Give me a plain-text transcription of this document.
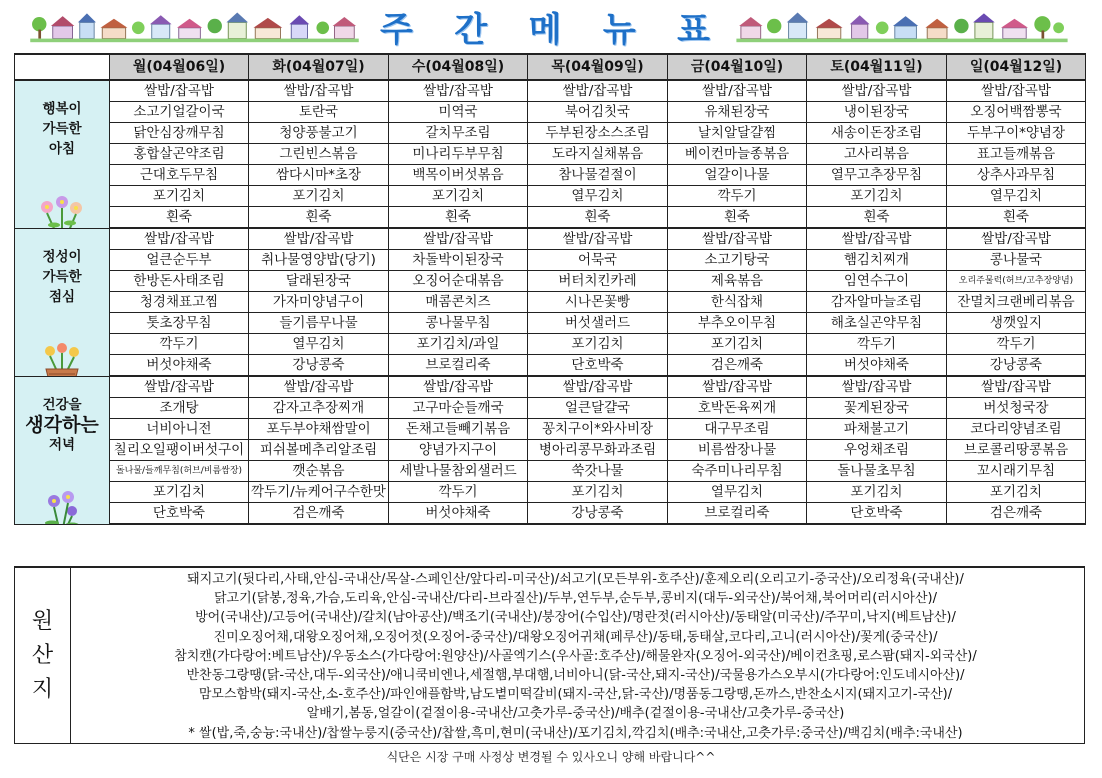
주 간 메 뉴 표
	월(04월06일)	화(04월07일)	수(04월08일)	목(04월09일)	금(04월10일)	토(04월11일)	일(04월12일)

행복이
가득한
아침	쌀밥/잡곡밥	쌀밥/잡곡밥	쌀밥/잡곡밥	쌀밥/잡곡밥	쌀밥/잡곡밥	쌀밥/잡곡밥	쌀밥/잡곡밥
	소고기얼갈이국	토란국	미역국	북어김칫국	유채된장국	냉이된장국	오징어백짬뽕국
	닭안심장깨무침	청양풍불고기	갈치무조림	두부된장소스조림	날치알달걀찜	새송이돈장조림	두부구이*양념장
	홍합살곤약조림	그린빈스볶음	미나리두부무침	도라지실채볶음	베이컨마늘종볶음	고사리볶음	표고들깨볶음
	근대호두무침	쌈다시마*초장	백목이버섯볶음	참나물겉절이	얼갈이나물	열무고추장무침	상추사과무침
	포기김치	포기김치	포기김치	열무김치	깍두기	포기김치	열무김치
	흰죽	흰죽	흰죽	흰죽	흰죽	흰죽	흰죽

정성이
가득한
점심	쌀밥/잡곡밥	쌀밥/잡곡밥	쌀밥/잡곡밥	쌀밥/잡곡밥	쌀밥/잡곡밥	쌀밥/잡곡밥	쌀밥/잡곡밥
	얼큰순두부	취나물영양밥(당기)	차돌박이된장국	어묵국	소고기탕국	햄김치찌개	콩나물국
	한방돈사태조림	달래된장국	오징어순대볶음	버터치킨카레	제육볶음	임연수구이	오리주물럭(허브/고추장양념)
	청경채표고찜	가자미양념구이	매콤콘치즈	시나몬꽃빵	한식잡채	감자알마늘조림	잔멸치크랜베리볶음
	톳초장무침	들기름무나물	콩나물무침	버섯샐러드	부추오이무침	해초실곤약무침	생깻잎지
	깍두기	열무김치	포기김치/과일	포기김치	포기김치	깍두기	깍두기
	버섯야채죽	강낭콩죽	브로컬리죽	단호박죽	검은깨죽	버섯야채죽	강낭콩죽

건강을
생각하는
저녁	쌀밥/잡곡밥	쌀밥/잡곡밥	쌀밥/잡곡밥	쌀밥/잡곡밥	쌀밥/잡곡밥	쌀밥/잡곡밥	쌀밥/잡곡밥
	조개탕	감자고추장찌개	고구마순들깨국	얼큰달걀국	호박돈육찌개	꽃게된장국	버섯청국장
	너비아니전	포두부야채쌈말이	돈채고들빼기볶음	꽁치구이*와사비장	대구무조림	파채불고기	코다리양념조림
	칠리오일팽이버섯구이	피쉬볼메추리알조림	양념가지구이	병아리콩무화과조림	비름쌈장나물	우엉채조림	브로콜리땅콩볶음
	돌나물/들깨무침(허브/비름쌈장)	깻순볶음	세발나물참외샐러드	쑥갓나물	숙주미나리무침	돌나물초무침	꼬시래기무침
	포기김치	깍두기/뉴케어구수한맛	깍두기	포기김치	열무김치	포기김치	포기김치
	단호박죽	검은깨죽	버섯야채죽	강낭콩죽	브로컬리죽	단호박죽	검은깨죽
원
산
지
돼지고기(뒷다리,사태,안심-국내산/목살-스페인산/앞다리-미국산)/쇠고기(모든부위-호주산)/훈제오리(오리고기-중국산)/오리정육(국내산)/
닭고기(닭봉,정육,가슴,도리육,안심-국내산/다리-브라질산)/두부,연두부,순두부,콩비지(대두-외국산)/북어채,북어머리(러시아산)/
방어(국내산)/고등어(국내산)/갈치(남아공산)/백조기(국내산)/붕장어(수입산)/명란젓(러시아산)/동태알(미국산)/주꾸미,낙지(베트남산)/
진미오징어채,대왕오징어채,오징어젓(오징어-중국산)/대왕오징어귀채(페루산)/동태,동태살,코다리,고니(러시아산)/꽃게(중국산)/
참치캔(가다랑어:베트남산)/우동소스(가다랑어:원양산)/사골엑기스(우사골:호주산)/해물완자(오징어-외국산)/베이컨초핑,로스팜(돼지-외국산)/
반찬동그랑땡(닭-국산,대두-외국산)/애니쿡비엔나,세절햄,부대햄,너비아니(닭-국산,돼지-국산)/국물용가스오부시(가다랑어:인도네시아산)/
맘모스함박(돼지-국산,소-호주산)/파인애플함박,남도볕미떡갈비(돼지-국산,닭-국산)/명품동그랑땡,돈까스,반찬소시지(돼지고기-국산)/
알배기,봄동,얼갈이(겉절이용-국내산/고춧가루-중국산)/배추(겉절이용-국내산/고춧가루-중국산)
* 쌀(밥,죽,숭늉:국내산)/찹쌀누룽지(중국산)/찹쌀,흑미,현미(국내산)/포기김치,깍김치(배추:국내산,고춧가루:중국산)/백김치(배추:국내산)
식단은 시장 구매 사정상 변경될 수 있사오니 양해 바랍니다^^
